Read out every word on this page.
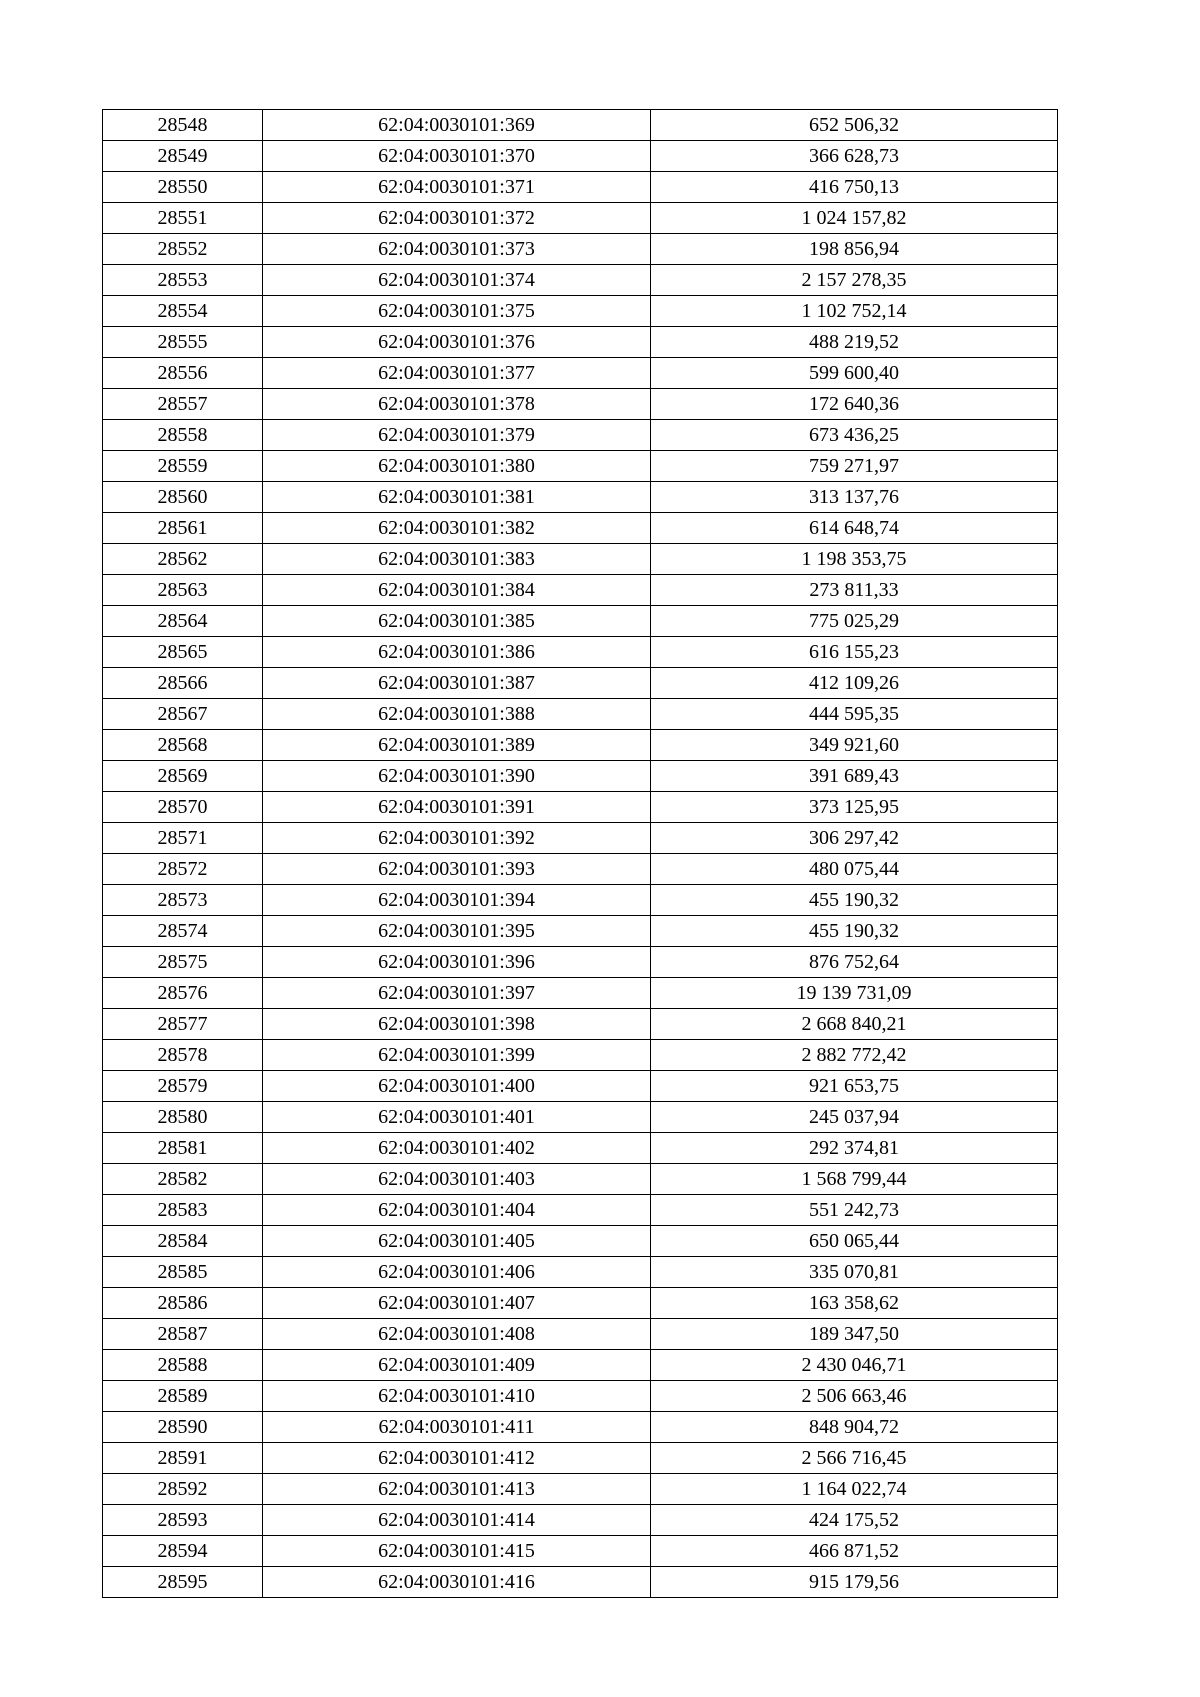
28548	62:04:0030101:369	652 506,32
28549	62:04:0030101:370	366 628,73
28550	62:04:0030101:371	416 750,13
28551	62:04:0030101:372	1 024 157,82
28552	62:04:0030101:373	198 856,94
28553	62:04:0030101:374	2 157 278,35
28554	62:04:0030101:375	1 102 752,14
28555	62:04:0030101:376	488 219,52
28556	62:04:0030101:377	599 600,40
28557	62:04:0030101:378	172 640,36
28558	62:04:0030101:379	673 436,25
28559	62:04:0030101:380	759 271,97
28560	62:04:0030101:381	313 137,76
28561	62:04:0030101:382	614 648,74
28562	62:04:0030101:383	1 198 353,75
28563	62:04:0030101:384	273 811,33
28564	62:04:0030101:385	775 025,29
28565	62:04:0030101:386	616 155,23
28566	62:04:0030101:387	412 109,26
28567	62:04:0030101:388	444 595,35
28568	62:04:0030101:389	349 921,60
28569	62:04:0030101:390	391 689,43
28570	62:04:0030101:391	373 125,95
28571	62:04:0030101:392	306 297,42
28572	62:04:0030101:393	480 075,44
28573	62:04:0030101:394	455 190,32
28574	62:04:0030101:395	455 190,32
28575	62:04:0030101:396	876 752,64
28576	62:04:0030101:397	19 139 731,09
28577	62:04:0030101:398	2 668 840,21
28578	62:04:0030101:399	2 882 772,42
28579	62:04:0030101:400	921 653,75
28580	62:04:0030101:401	245 037,94
28581	62:04:0030101:402	292 374,81
28582	62:04:0030101:403	1 568 799,44
28583	62:04:0030101:404	551 242,73
28584	62:04:0030101:405	650 065,44
28585	62:04:0030101:406	335 070,81
28586	62:04:0030101:407	163 358,62
28587	62:04:0030101:408	189 347,50
28588	62:04:0030101:409	2 430 046,71
28589	62:04:0030101:410	2 506 663,46
28590	62:04:0030101:411	848 904,72
28591	62:04:0030101:412	2 566 716,45
28592	62:04:0030101:413	1 164 022,74
28593	62:04:0030101:414	424 175,52
28594	62:04:0030101:415	466 871,52
28595	62:04:0030101:416	915 179,56
